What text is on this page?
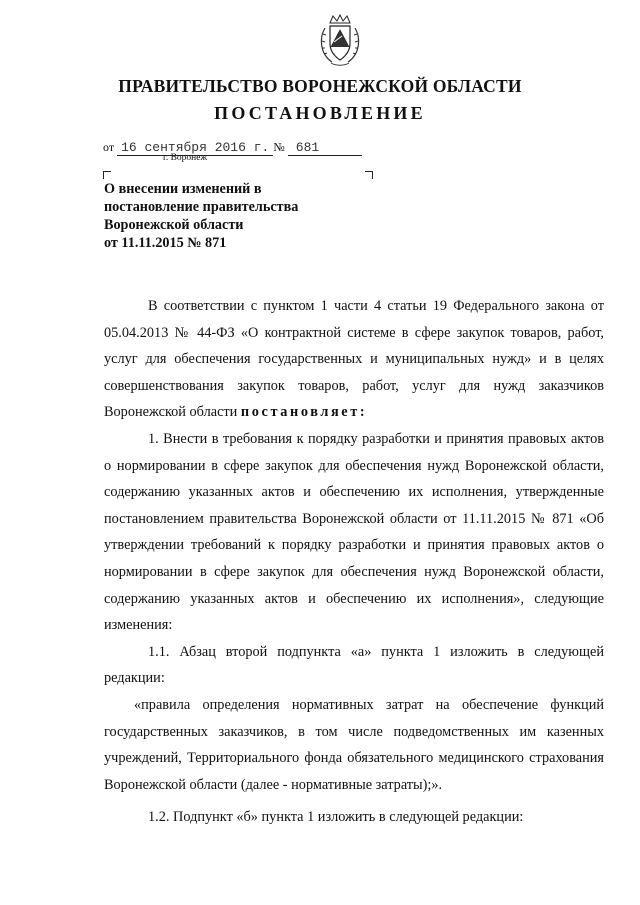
ПРАВИТЕЛЬСТВО ВОРОНЕЖСКОЙ ОБЛАСТИ
ПОСТАНОВЛЕНИЕ
от 16 сентября 2016 г. № 681
г. Воронеж
О внесении изменений в
постановление правительства
Воронежской области
от 11.11.2015 № 871

В соответствии с пунктом 1 части 4 статьи 19 Федерального закона от 05.04.2013 № 44-ФЗ «О контрактной системе в сфере закупок товаров, работ, услуг для обеспечения государственных и муниципальных нужд» и в целях совершенствования закупок товаров, работ, услуг для нужд заказчиков Воронежской области постановляет:

1. Внести в требования к порядку разработки и принятия правовых актов о нормировании в сфере закупок для обеспечения нужд Воронежской области, содержанию указанных актов и обеспечению их исполнения, утвержденные постановлением правительства Воронежской области от 11.11.2015 № 871 «Об утверждении требований к порядку разработки и принятия правовых актов о нормировании в сфере закупок для обеспечения нужд Воронежской области, содержанию указанных актов и обеспечению их исполнения», следующие изменения:

1.1. Абзац второй подпункта «а» пункта 1 изложить в следующей редакции:

«правила определения нормативных затрат на обеспечение функций государственных заказчиков, в том числе подведомственных им казенных учреждений, Территориального фонда обязательного медицинского страхования Воронежской области (далее - нормативные затраты);».

1.2. Подпункт «б» пункта 1 изложить в следующей редакции:
